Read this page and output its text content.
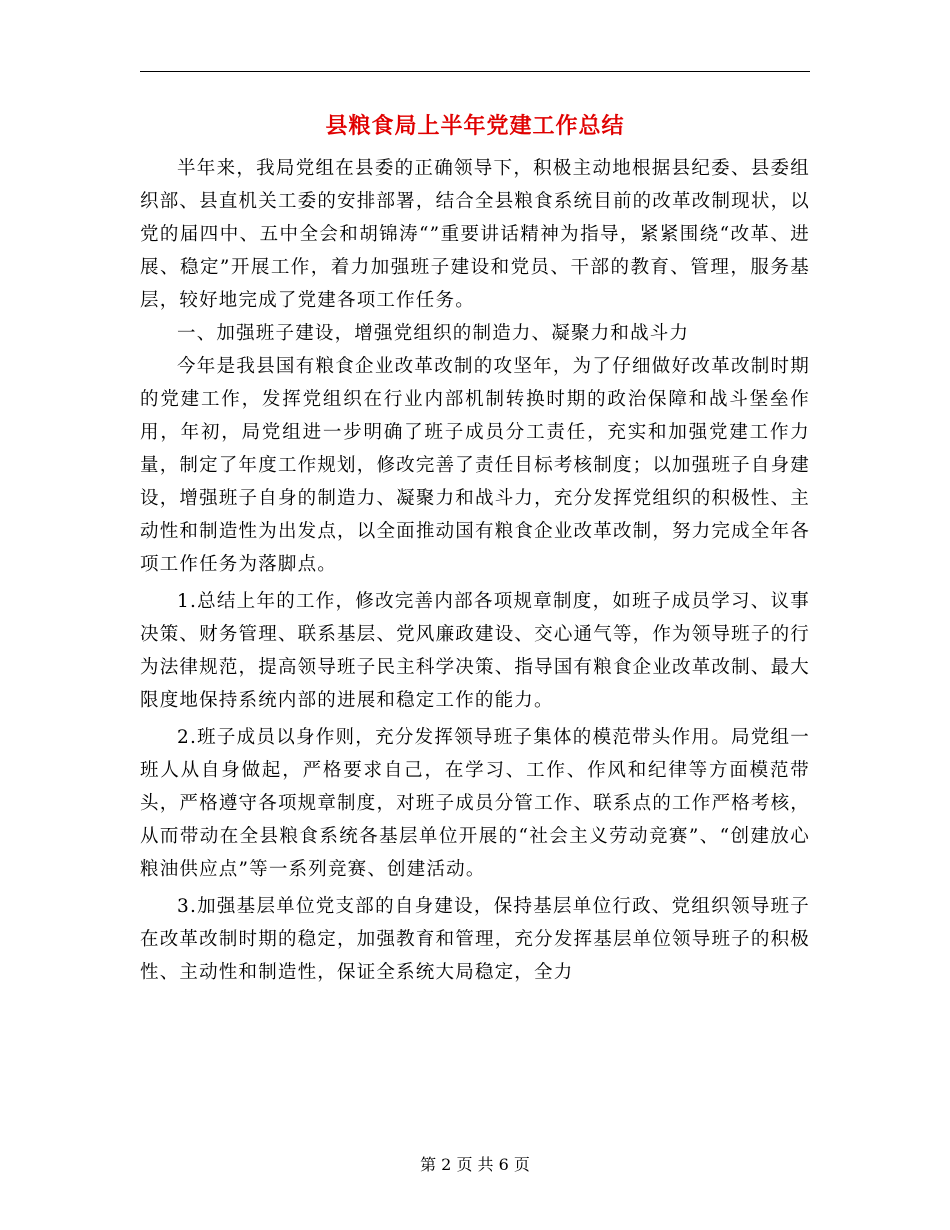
县粮食局上半年党建工作总结

半年来，我局党组在县委的正确领导下，积极主动地根据县纪委、县委组织部、县直机关工委的安排部署，结合全县粮食系统目前的改革改制现状，以党的届四中、五中全会和胡锦涛“”重要讲话精神为指导，紧紧围绕“改革、进展、稳定”开展工作，着力加强班子建设和党员、干部的教育、管理，服务基层，较好地完成了党建各项工作任务。

一、加强班子建设，增强党组织的制造力、凝聚力和战斗力

今年是我县国有粮食企业改革改制的攻坚年，为了仔细做好改革改制时期的党建工作，发挥党组织在行业内部机制转换时期的政治保障和战斗堡垒作用，年初，局党组进一步明确了班子成员分工责任，充实和加强党建工作力量，制定了年度工作规划，修改完善了责任目标考核制度；以加强班子自身建设，增强班子自身的制造力、凝聚力和战斗力，充分发挥党组织的积极性、主动性和制造性为出发点，以全面推动国有粮食企业改革改制，努力完成全年各项工作任务为落脚点。

1.总结上年的工作，修改完善内部各项规章制度，如班子成员学习、议事决策、财务管理、联系基层、党风廉政建设、交心通气等，作为领导班子的行为法律规范，提高领导班子民主科学决策、指导国有粮食企业改革改制、最大限度地保持系统内部的进展和稳定工作的能力。

2.班子成员以身作则，充分发挥领导班子集体的模范带头作用。局党组一班人从自身做起，严格要求自己，在学习、工作、作风和纪律等方面模范带头，严格遵守各项规章制度，对班子成员分管工作、联系点的工作严格考核，从而带动在全县粮食系统各基层单位开展的“社会主义劳动竞赛”、“创建放心粮油供应点”等一系列竞赛、创建活动。

3.加强基层单位党支部的自身建设，保持基层单位行政、党组织领导班子在改革改制时期的稳定，加强教育和管理，充分发挥基层单位领导班子的积极性、主动性和制造性，保证全系统大局稳定，全力

第 2 页 共 6 页
